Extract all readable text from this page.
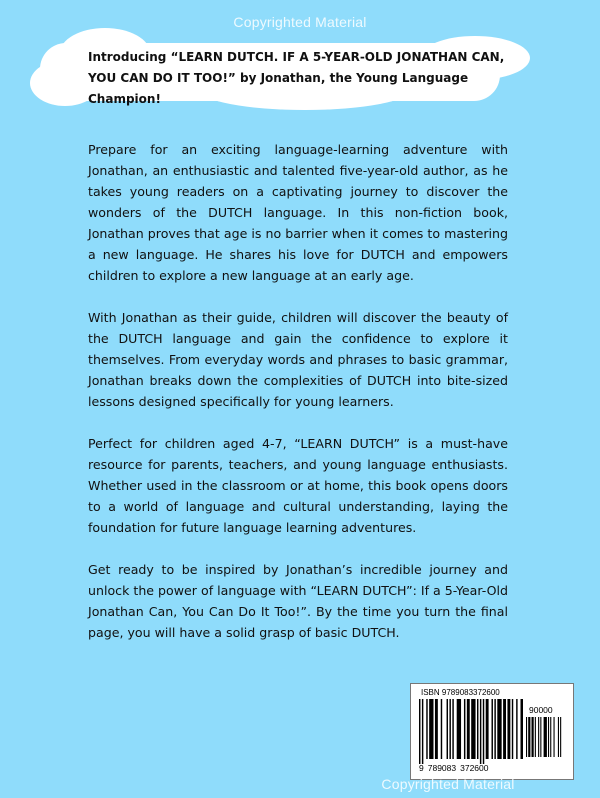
Copyrighted Material

Introducing “LEARN DUTCH. IF A 5-YEAR-OLD JONATHAN CAN, YOU CAN DO IT TOO!” by Jonathan, the Young Language Champion!

Prepare for an exciting language-learning adventure with Jonathan, an enthusiastic and talented five-year-old author, as he takes young readers on a captivating journey to discover the wonders of the DUTCH language. In this non-fiction book, Jonathan proves that age is no barrier when it comes to mastering a new language. He shares his love for DUTCH and empowers children to explore a new language at an early age.

With Jonathan as their guide, children will discover the beauty of the DUTCH language and gain the confidence to explore it themselves. From everyday words and phrases to basic grammar, Jonathan breaks down the complexities of DUTCH into bite-sized lessons designed specifically for young learners.

Perfect for children aged 4-7, “LEARN DUTCH” is a must-have resource for parents, teachers, and young language enthusiasts. Whether used in the classroom or at home, this book opens doors to a world of language and cultural understanding, laying the foundation for future language learning adventures.

Get ready to be inspired by Jonathan’s incredible journey and unlock the power of language with “LEARN DUTCH”: If a 5-Year-Old Jonathan Can, You Can Do It Too!”. By the time you turn the final page, you will have a solid grasp of basic DUTCH.

ISBN 9789083372600
90000
9 789083 372600
Copyrighted Material
